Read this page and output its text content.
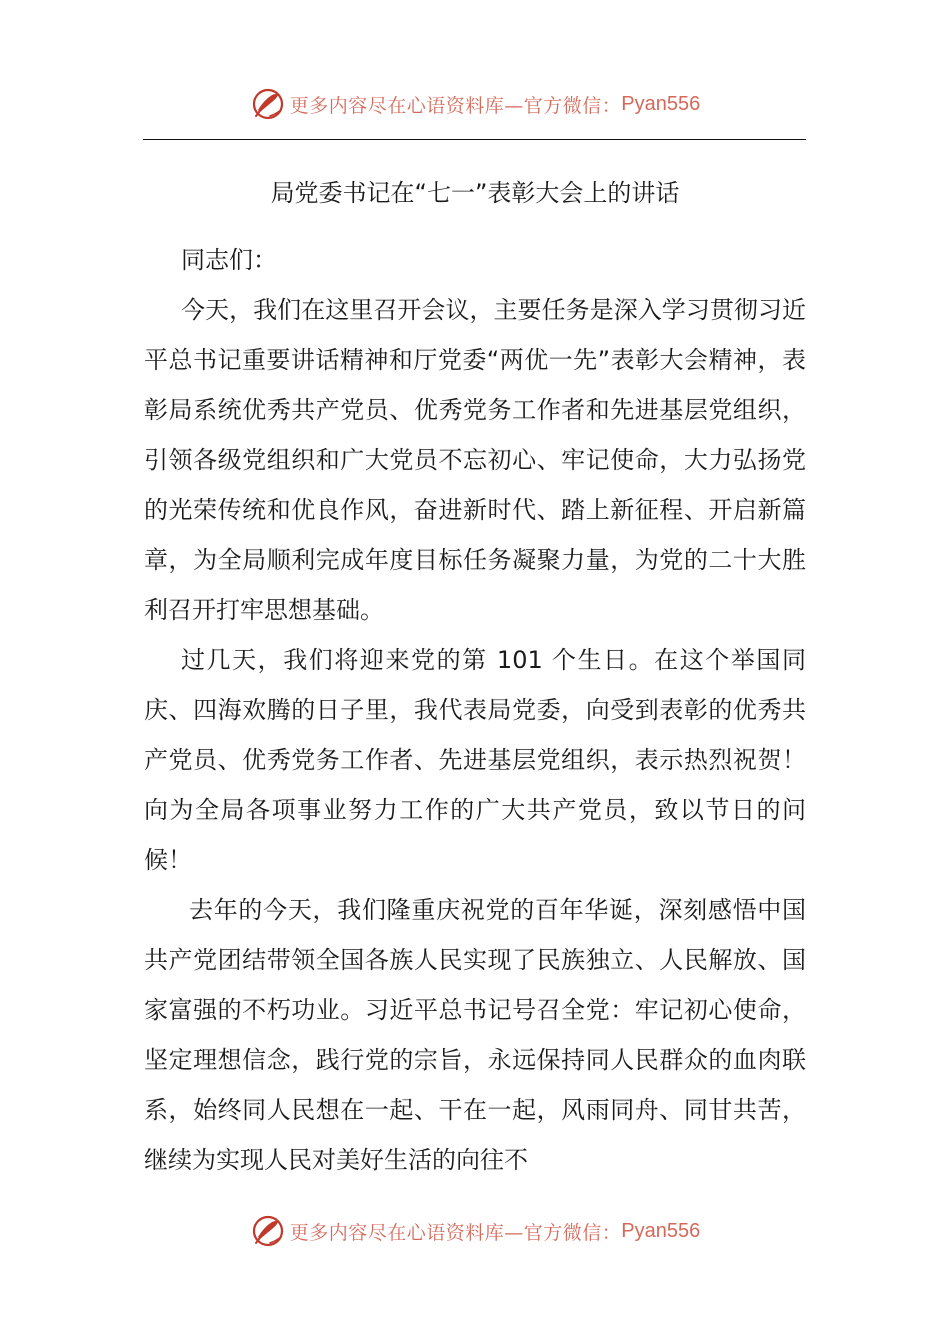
更多内容尽在心语资料库—官方微信： Pyan556
局党委书记在“七一”表彰大会上的讲话

同志们：

今天，我们在这里召开会议，主要任务是深入学习贯彻习近平总书记重要讲话精神和厅党委“两优一先”表彰大会精神，表彰局系统优秀共产党员、优秀党务工作者和先进基层党组织，引领各级党组织和广大党员不忘初心、牢记使命，大力弘扬党的光荣传统和优良作风，奋进新时代、踏上新征程、开启新篇章，为全局顺利完成年度目标任务凝聚力量，为党的二十大胜利召开打牢思想基础。

过几天，我们将迎来党的第 101 个生日。在这个举国同庆、四海欢腾的日子里，我代表局党委，向受到表彰的优秀共产党员、优秀党务工作者、先进基层党组织，表示热烈祝贺！向为全局各项事业努力工作的广大共产党员，致以节日的问候！

去年的今天，我们隆重庆祝党的百年华诞，深刻感悟中国共产党团结带领全国各族人民实现了民族独立、人民解放、国家富强的不朽功业。习近平总书记号召全党：牢记初心使命，坚定理想信念，践行党的宗旨，永远保持同人民群众的血肉联系，始终同人民想在一起、干在一起，风雨同舟、同甘共苦，继续为实现人民对美好生活的向往不

更多内容尽在心语资料库—官方微信： Pyan556
